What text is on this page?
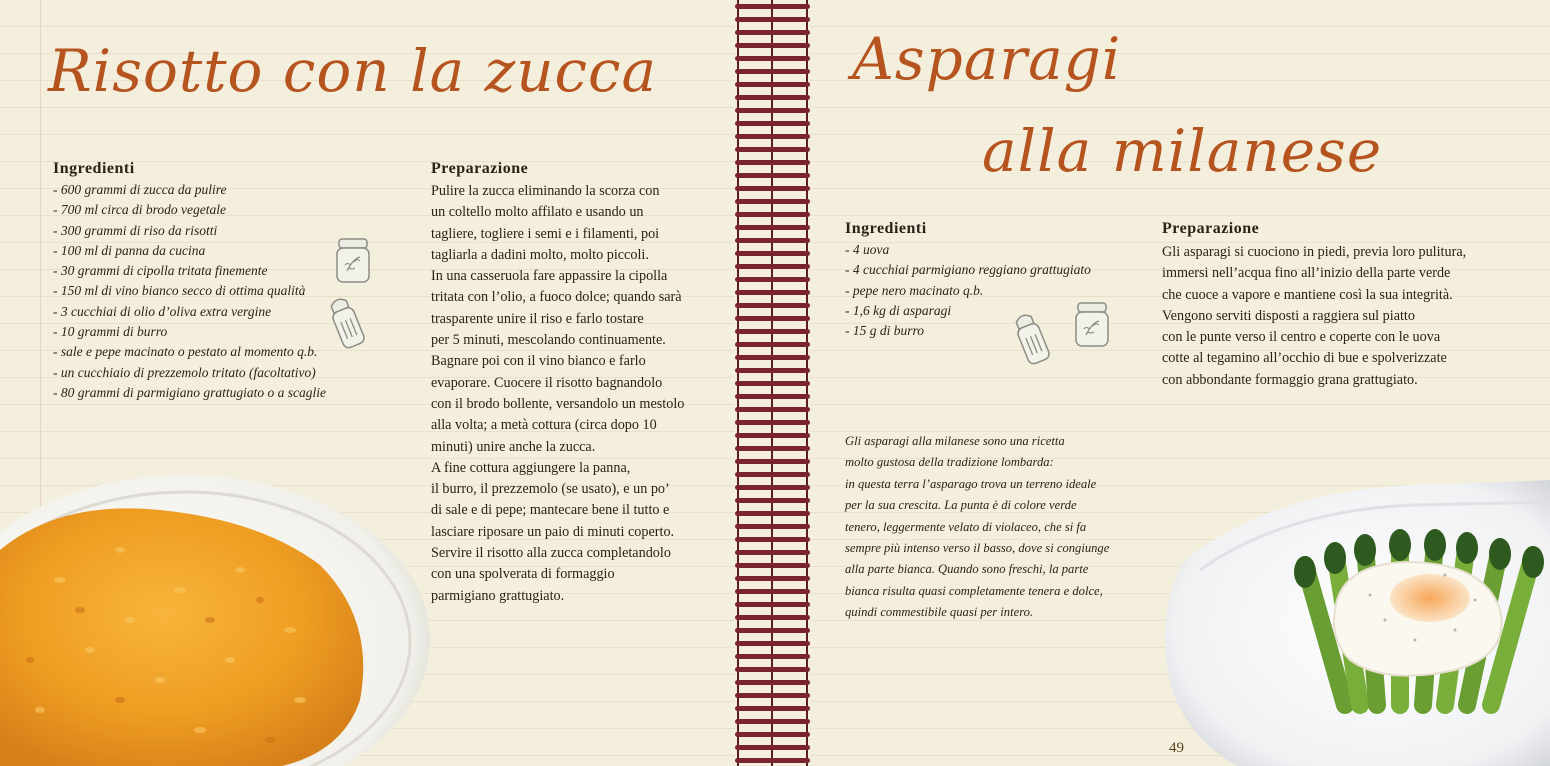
Risotto con la zucca
Ingredienti
- 600 grammi di zucca da pulire
- 700 ml circa di brodo vegetale
- 300 grammi di riso da risotti
- 100 ml di panna da cucina
- 30 grammi di cipolla tritata finemente
- 150 ml di vino bianco secco di ottima qualità
- 3 cucchiai di olio d’oliva extra vergine
- 10 grammi di burro
- sale e pepe macinato o pestato al momento q.b.
- un cucchiaio di prezzemolo tritato (facoltativo)
- 80 grammi di parmigiano grattugiato o a scaglie
Preparazione
Pulire la zucca eliminando la scorza con
un coltello molto affilato e usando un
tagliere, togliere i semi e i filamenti, poi
tagliarla a dadini molto, molto piccoli.
In una casseruola fare appassire la cipolla
tritata con l’olio, a fuoco dolce; quando sarà
trasparente unire il riso e farlo tostare
per 5 minuti, mescolando continuamente.
Bagnare poi con il vino bianco e farlo
evaporare. Cuocere il risotto bagnandolo
con il brodo bollente, versandolo un mestolo
alla volta; a metà cottura (circa dopo 10
minuti) unire anche la zucca.
A fine cottura aggiungere la panna,
il burro, il prezzemolo (se usato), e un po’
di sale e di pepe; mantecare bene il tutto e
lasciare riposare un paio di minuti coperto.
Servire il risotto alla zucca completandolo
con una spolverata di formaggio
parmigiano grattugiato.
Asparagi
alla milanese
Ingredienti
- 4 uova
- 4 cucchiai parmigiano reggiano grattugiato
- pepe nero macinato q.b.
- 1,6 kg di asparagi
- 15 g di burro
Preparazione
Gli asparagi si cuociono in piedi, previa loro pulitura,
immersi nell’acqua fino all’inizio della parte verde
che cuoce a vapore e mantiene così la sua integrità.
Vengono serviti disposti a raggiera sul piatto
con le punte verso il centro e coperte con le uova
cotte al tegamino all’occhio di bue e spolverizzate
con abbondante formaggio grana grattugiato.
Gli asparagi alla milanese sono una ricetta
molto gustosa della tradizione lombarda:
in questa terra l’asparago trova un terreno ideale
per la sua crescita. La punta è di colore verde
tenero, leggermente velato di violaceo, che si fa
sempre più intenso verso il basso, dove si congiunge
alla parte bianca. Quando sono freschi, la parte
bianca risulta quasi completamente tenera e dolce,
quindi commestibile quasi per intero.
49
